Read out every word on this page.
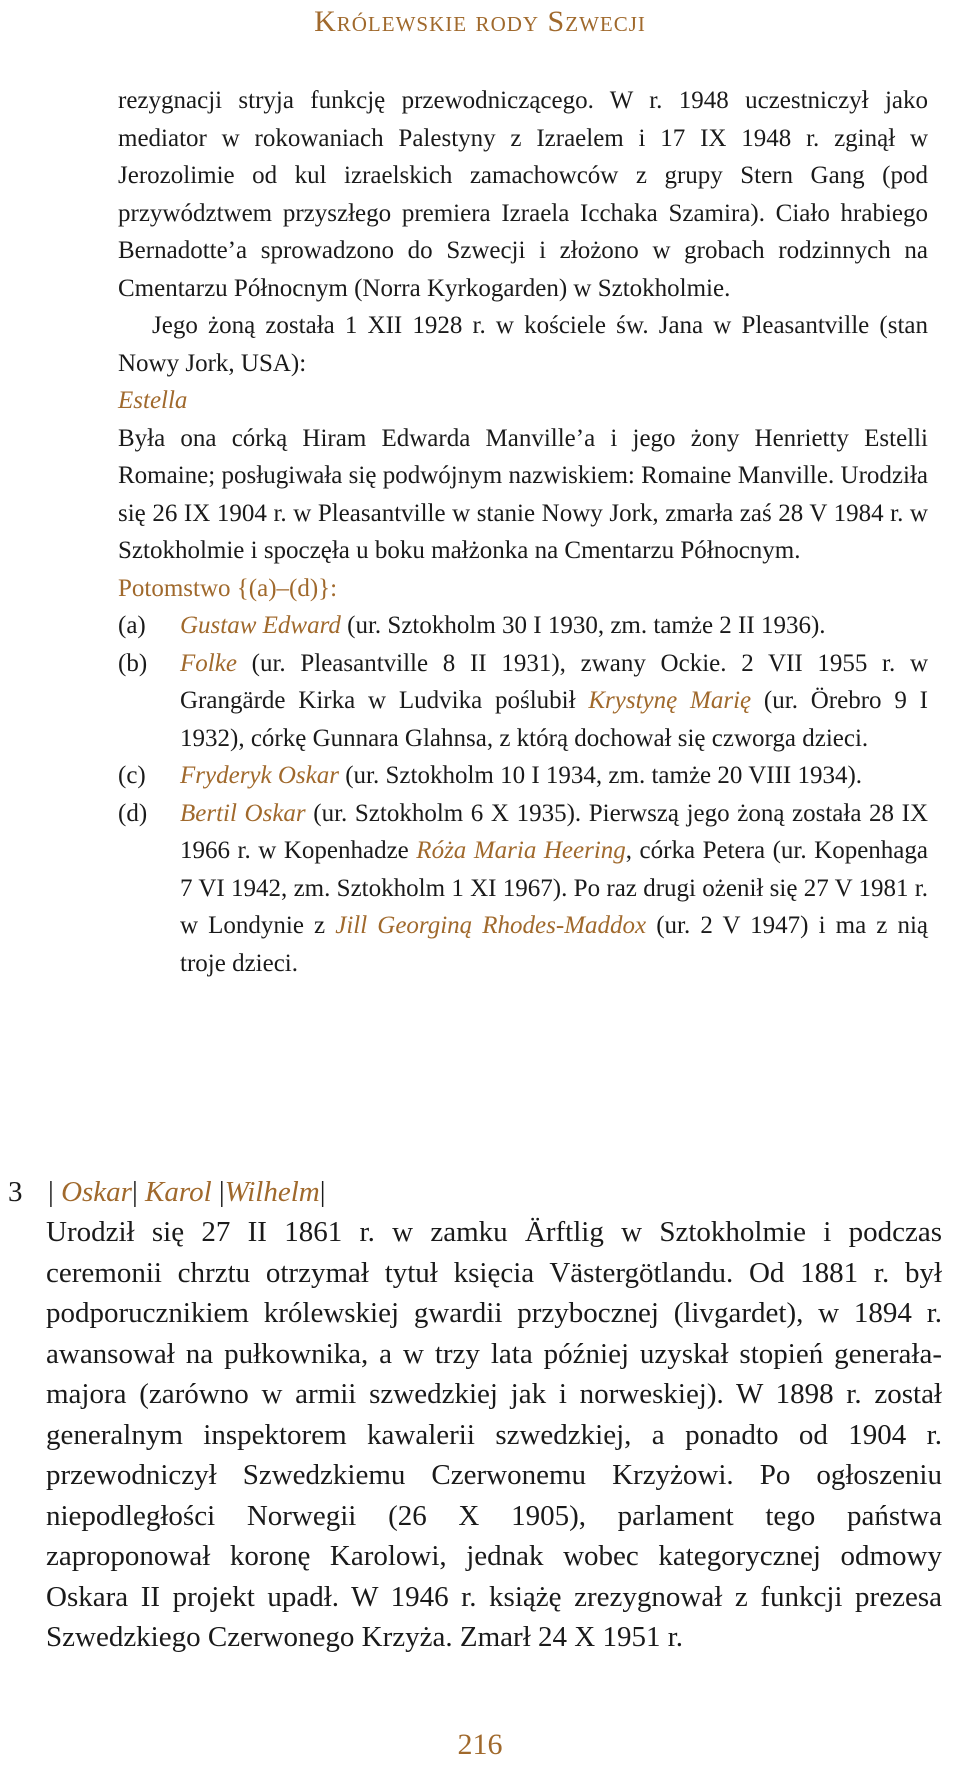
Królewskie rody Szwecji

rezygnacji stryja funkcję przewodniczącego. W r. 1948 uczestniczył jako mediator w rokowaniach Palestyny z Izraelem i 17 IX 1948 r. zginął w Jerozolimie od kul izraelskich zamachowców z grupy Stern Gang (pod przywództwem przyszłego premiera Izraela Icchaka Szamira). Ciało hrabiego Bernadotte’a sprowadzono do Szwecji i złożono w grobach rodzinnych na Cmentarzu Północnym (Norra Kyrkogarden) w Sztokholmie.

Jego żoną została 1 XII 1928 r. w kościele św. Jana w Pleasantville (stan Nowy Jork, USA):

Estella

Była ona córką Hiram Edwarda Manville’a i jego żony Henrietty Estelli Romaine; posługiwała się podwójnym nazwiskiem: Romaine Manville. Urodziła się 26 IX 1904 r. w Pleasantville w stanie Nowy Jork, zmarła zaś 28 V 1984 r. w Sztokholmie i spoczęła u boku małżonka na Cmentarzu Północnym.

Potomstwo {(a)–(d)}:

(a) Gustaw Edward (ur. Sztokholm 30 I 1930, zm. tamże 2 II 1936).
(b) Folke (ur. Pleasantville 8 II 1931), zwany Ockie. 2 VII 1955 r. w Grangärde Kirka w Ludvika poślubił Krystynę Marię (ur. Örebro 9 I 1932), córkę Gunnara Glahnsa, z którą dochował się czworga dzieci.
(c) Fryderyk Oskar (ur. Sztokholm 10 I 1934, zm. tamże 20 VIII 1934).
(d) Bertil Oskar (ur. Sztokholm 6 X 1935). Pierwszą jego żoną została 28 IX 1966 r. w Kopenhadze Róża Maria Heering, córka Petera (ur. Kopenhaga 7 VI 1942, zm. Sztokholm 1 XI 1967). Po raz drugi ożenił się 27 V 1981 r. w Londynie z Jill Georginą Rhodes-Maddox (ur. 2 V 1947) i ma z nią troje dzieci.
3 | Oskar| Karol |Wilhelm|

Urodził się 27 II 1861 r. w zamku Ärftlig w Sztokholmie i podczas ceremonii chrztu otrzymał tytuł księcia Västergötlandu. Od 1881 r. był podporucznikiem królewskiej gwardii przybocznej (livgardet), w 1894 r. awansował na pułkownika, a w trzy lata później uzyskał stopień generała-majora (zarówno w armii szwedzkiej jak i norweskiej). W 1898 r. został generalnym inspektorem kawalerii szwedzkiej, a ponadto od 1904 r. przewodniczył Szwedzkiemu Czerwonemu Krzyżowi. Po ogłoszeniu niepodległości Norwegii (26 X 1905), parlament tego państwa zaproponował koronę Karolowi, jednak wobec kategorycznej odmowy Oskara II projekt upadł. W 1946 r. książę zrezygnował z funkcji prezesa Szwedzkiego Czerwonego Krzyża. Zmarł 24 X 1951 r.

216
